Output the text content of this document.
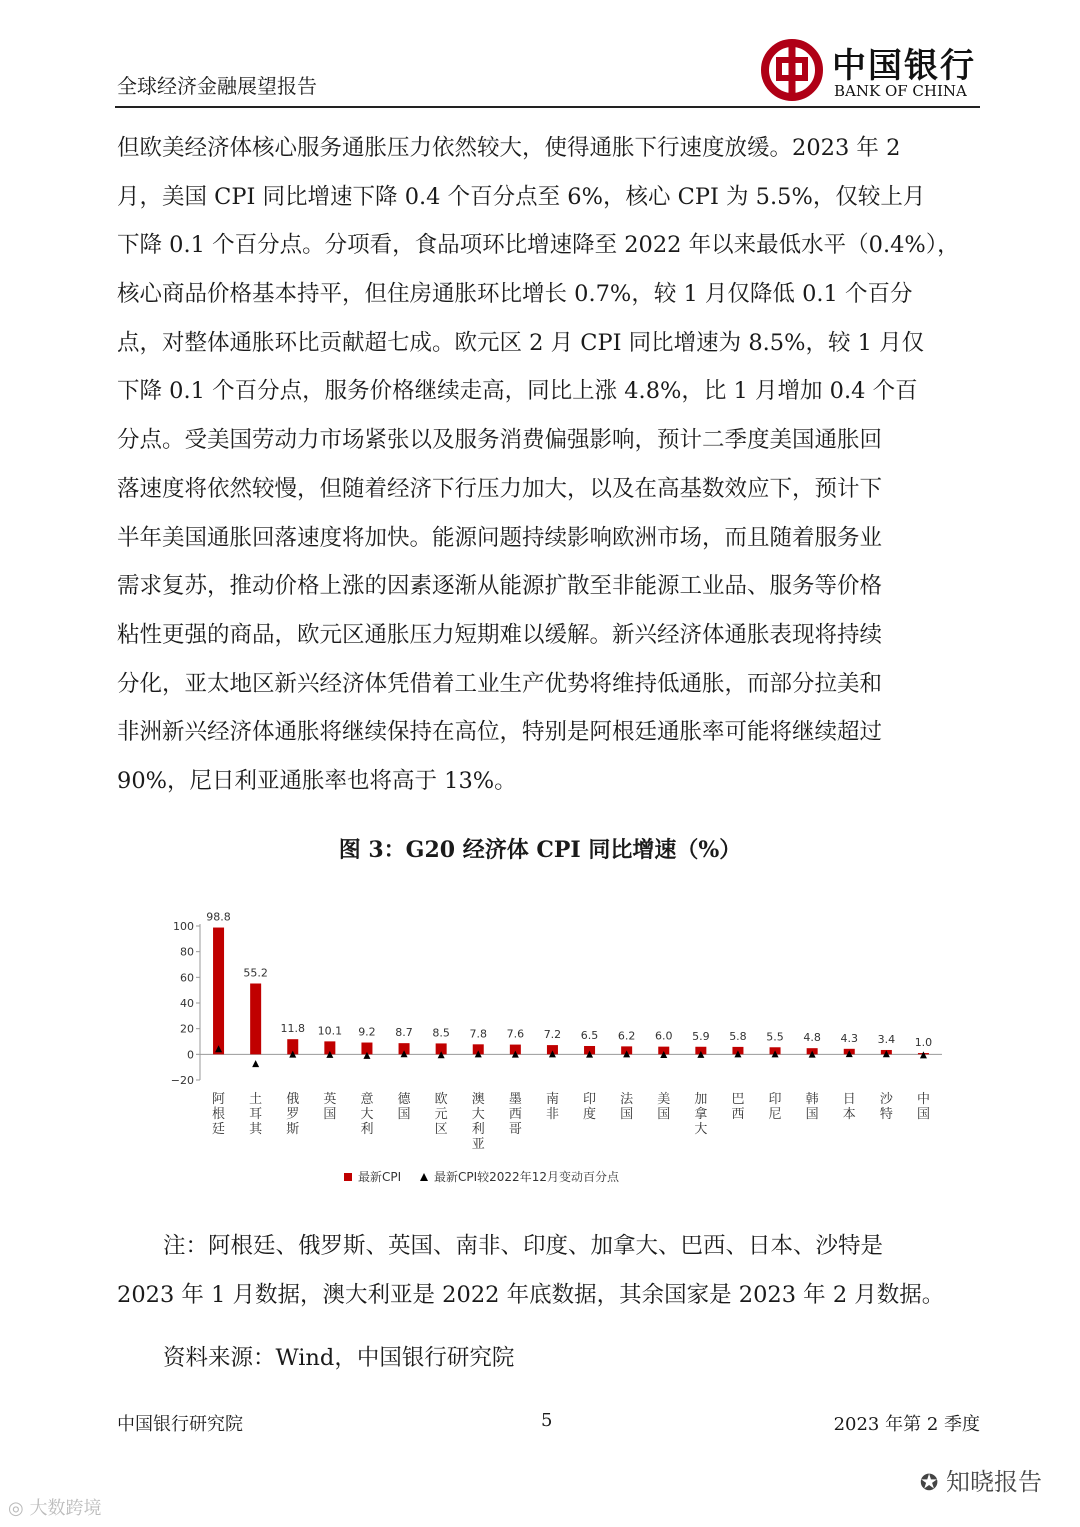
全球经济金融展望报告	中国银行
BANK OF CHINA
但欧美经济体核心服务通胀压力依然较大，使得通胀下行速度放缓。2023 年 2
月，美国 CPI 同比增速下降 0.4 个百分点至 6%，核心 CPI 为 5.5%，仅较上月
下降 0.1 个百分点。分项看，食品项环比增速降至 2022 年以来最低水平（0.4%），
核心商品价格基本持平，但住房通胀环比增长 0.7%，较 1 月仅降低 0.1 个百分
点，对整体通胀环比贡献超七成。欧元区 2 月 CPI 同比增速为 8.5%，较 1 月仅
下降 0.1 个百分点，服务价格继续走高，同比上涨 4.8%，比 1 月增加 0.4 个百
分点。受美国劳动力市场紧张以及服务消费偏强影响，预计二季度美国通胀回
落速度将依然较慢，但随着经济下行压力加大，以及在高基数效应下，预计下
半年美国通胀回落速度将加快。能源问题持续影响欧洲市场，而且随着服务业
需求复苏，推动价格上涨的因素逐渐从能源扩散至非能源工业品、服务等价格
粘性更强的商品，欧元区通胀压力短期难以缓解。新兴经济体通胀表现将持续
分化，亚太地区新兴经济体凭借着工业生产优势将维持低通胀，而部分拉美和
非洲新兴经济体通胀将继续保持在高位，特别是阿根廷通胀率可能将继续超过
90%，尼日利亚通胀率也将高于 13%。
图 3：G20 经济体 CPI 同比增速（%）
100
80
60
40
20
0
−20
98.8
阿
根
廷
55.2
土
耳
其
11.8
俄
罗
斯
10.1
英
国
9.2
意
大
利
8.7
德
国
8.5
欧
元
区
7.8
澳
大
利
亚
7.6
墨
西
哥
7.2
南
非
6.5
印
度
6.2
法
国
6.0
美
国
5.9
加
拿
大
5.8
巴
西
5.5
印
尼
4.8
韩
国
4.3
日
本
3.4
沙
特
1.0
中
国
最新CPI	最新CPI较2022年12月变动百分点
注：阿根廷、俄罗斯、英国、南非、印度、加拿大、巴西、日本、沙特是
2023 年 1 月数据，澳大利亚是 2022 年底数据，其余国家是 2023 年 2 月数据。
资料来源：Wind，中国银行研究院
中国银行研究院	5	2023 年第 2 季度
✪ 知晓报告
◎ 大数跨境
